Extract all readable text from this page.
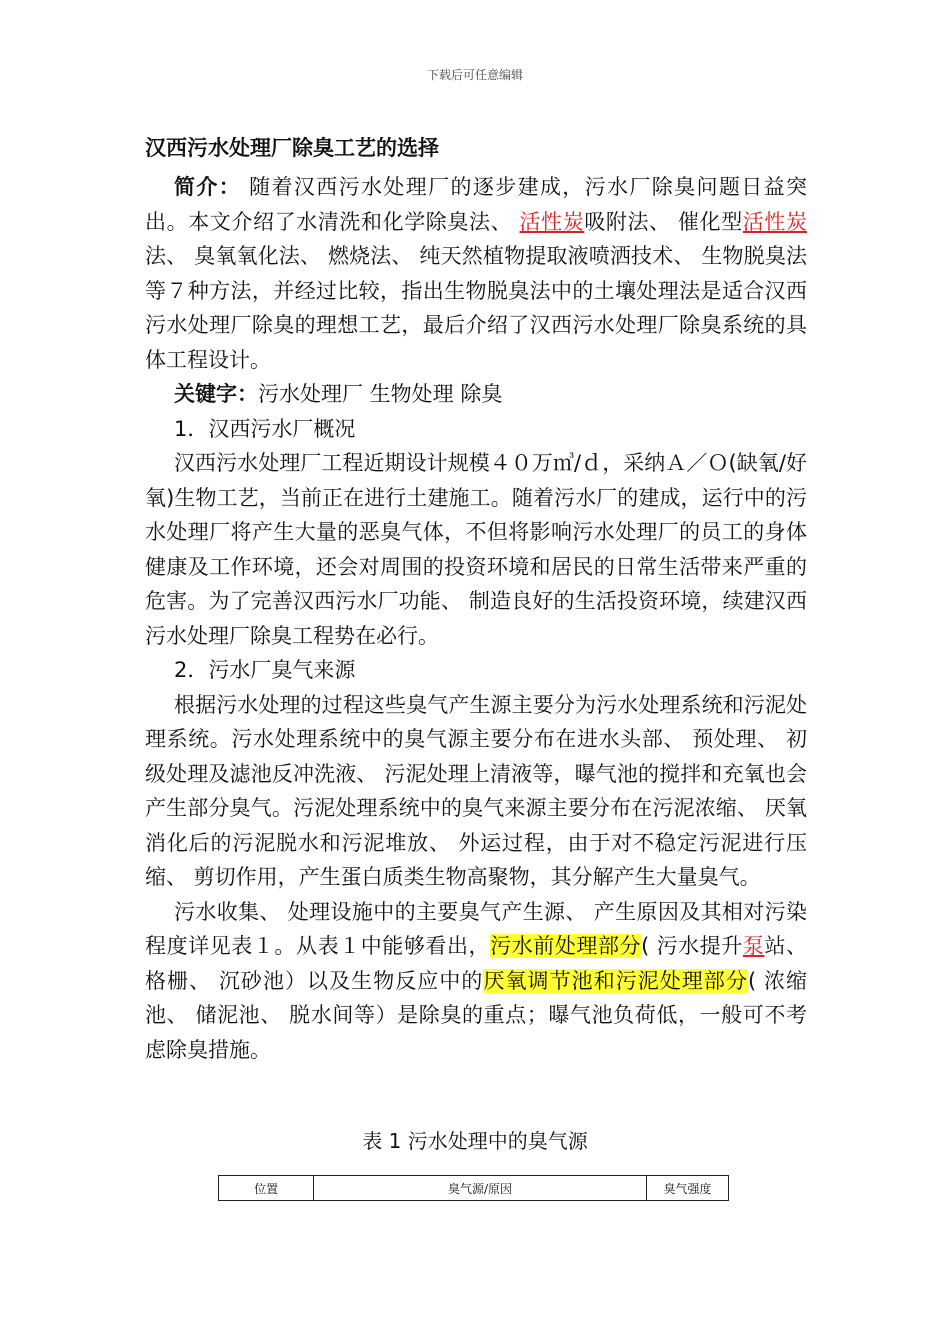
下载后可任意编辑
汉西污水处理厂除臭工艺的选择

简介： 随着汉西污水处理厂的逐步建成，污水厂除臭问题日益突出。本文介绍了水清洗和化学除臭法、 活性炭吸附法、 催化型活性炭法、 臭氧氧化法、 燃烧法、 纯天然植物提取液喷洒技术、 生物脱臭法等７种方法，并经过比较，指出生物脱臭法中的土壤处理法是适合汉西污水处理厂除臭的理想工艺，最后介绍了汉西污水处理厂除臭系统的具体工程设计。

关键字：污水处理厂 生物处理 除臭

1．汉西污水厂概况

汉西污水处理厂工程近期设计规模４０万㎥/ｄ，采纳Ａ／Ｏ(缺氧/好氧)生物工艺，当前正在进行土建施工。随着污水厂的建成，运行中的污水处理厂将产生大量的恶臭气体，不但将影响污水处理厂的员工的身体健康及工作环境，还会对周围的投资环境和居民的日常生活带来严重的危害。为了完善汉西污水厂功能、 制造良好的生活投资环境，续建汉西污水处理厂除臭工程势在必行。

2．污水厂臭气来源

根据污水处理的过程这些臭气产生源主要分为污水处理系统和污泥处理系统。污水处理系统中的臭气源主要分布在进水头部、 预处理、 初级处理及滤池反冲洗液、 污泥处理上清液等，曝气池的搅拌和充氧也会产生部分臭气。污泥处理系统中的臭气来源主要分布在污泥浓缩、 厌氧消化后的污泥脱水和污泥堆放、 外运过程，由于对不稳定污泥进行压缩、 剪切作用，产生蛋白质类生物高聚物，其分解产生大量臭气。

污水收集、 处理设施中的主要臭气产生源、 产生原因及其相对污染程度详见表１。从表１中能够看出，污水前处理部分( 污水提升泵站、 格栅、 沉砂池）以及生物反应中的厌氧调节池和污泥处理部分( 浓缩池、 储泥池、 脱水间等）是除臭的重点；曝气池负荷低，一般可不考虑除臭措施。

表 1 污水处理中的臭气源
位置	臭气源/原因	臭气强度
